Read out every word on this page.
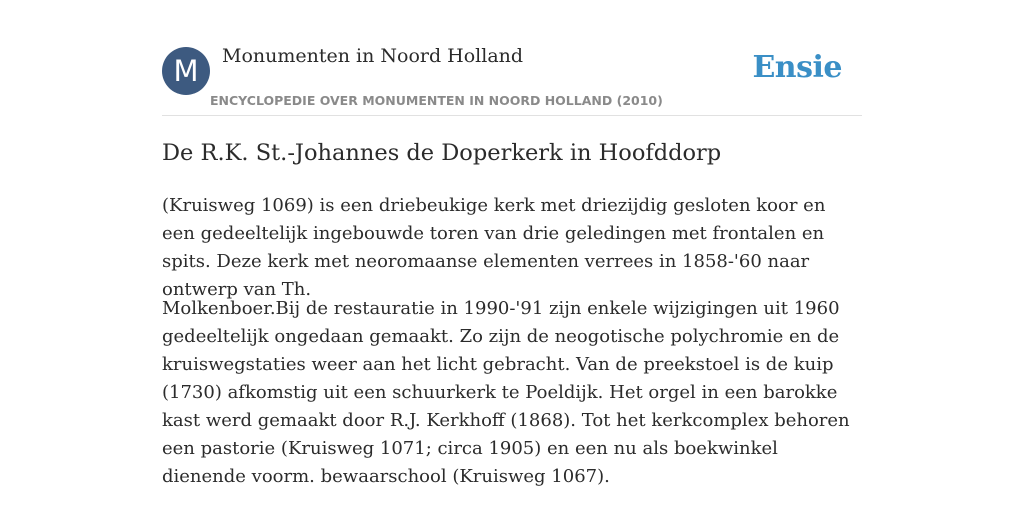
M	Monumenten in Noord Holland
ENCYCLOPEDIE OVER MONUMENTEN IN NOORD HOLLAND (2010)
Ensie
De R.K. St.-Johannes de Doperkerk in Hoofddorp

(Kruisweg 1069) is een driebeukige kerk met driezijdig gesloten koor en een gedeeltelijk ingebouwde toren van drie geledingen met frontalen en spits. Deze kerk met neoromaanse elementen verrees in 1858-'60 naar ontwerp van Th.

Molkenboer.Bij de restauratie in 1990-'91 zijn enkele wijzigingen uit 1960 gedeeltelijk ongedaan gemaakt. Zo zijn de neogotische polychromie en de kruiswegstaties weer aan het licht gebracht. Van de preekstoel is de kuip (1730) afkomstig uit een schuurkerk te Poeldijk. Het orgel in een barokke kast werd gemaakt door R.J. Kerkhoff (1868). Tot het kerkcomplex behoren een pastorie (Kruisweg 1071; circa 1905) en een nu als boekwinkel dienende voorm. bewaarschool (Kruisweg 1067).
